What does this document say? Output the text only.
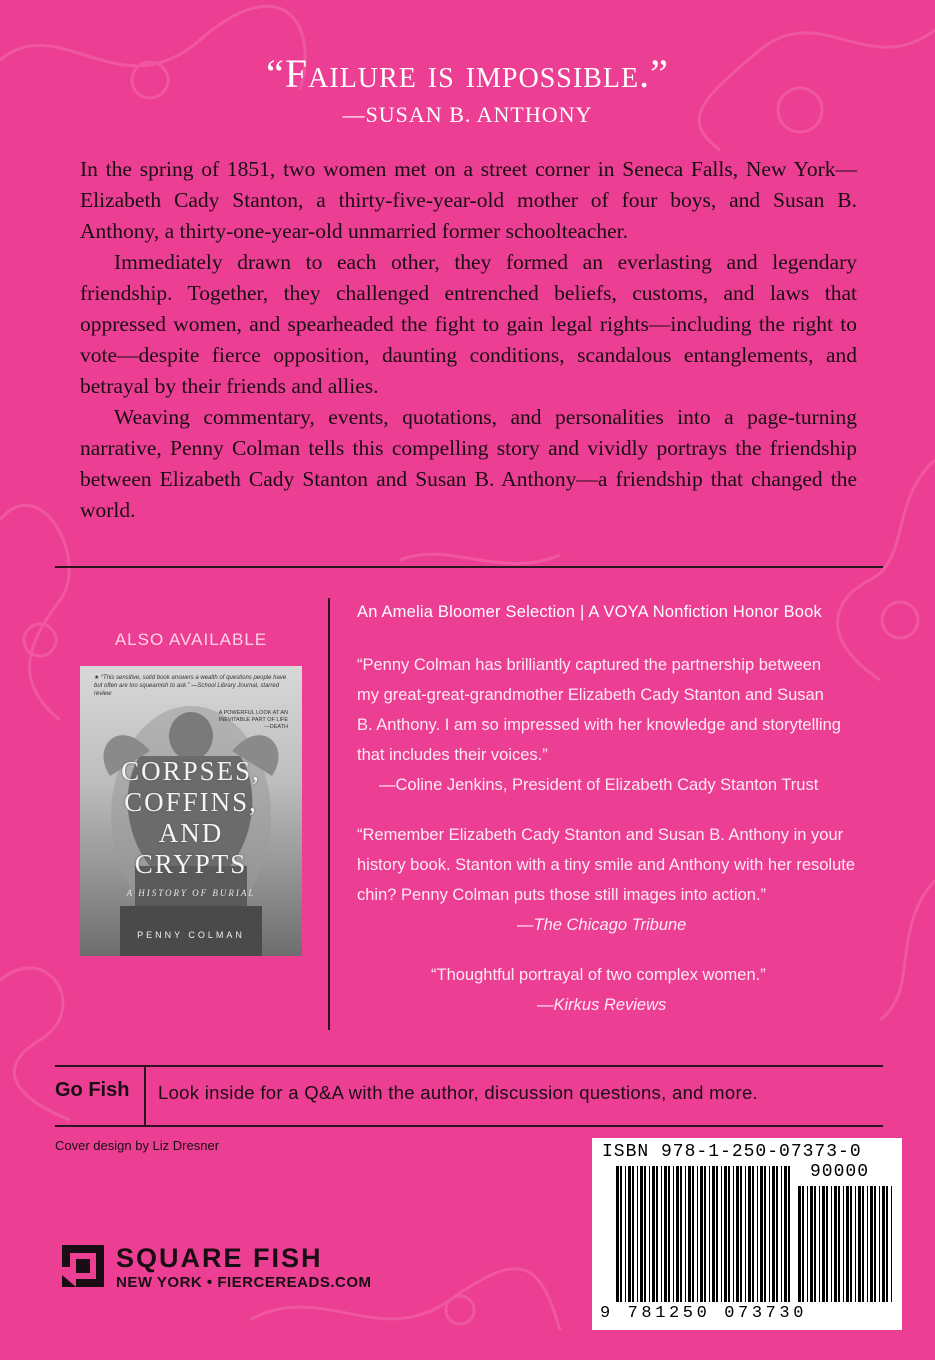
“Failure is impossible.”
—SUSAN B. ANTHONY

In the spring of 1851, two women met on a street corner in Seneca Falls, New York—Elizabeth Cady Stanton, a thirty-five-year-old mother of four boys, and Susan B. Anthony, a thirty-one-year-old unmarried former schoolteacher.

Immediately drawn to each other, they formed an everlasting and legendary friendship. Together, they challenged entrenched beliefs, customs, and laws that oppressed women, and spearheaded the fight to gain legal rights—including the right to vote—despite fierce opposition, daunting conditions, scandalous entanglements, and betrayal by their friends and allies.

Weaving commentary, events, quotations, and personalities into a page-turning narrative, Penny Colman tells this compelling story and vividly portrays the friendship between Elizabeth Cady Stanton and Susan B. Anthony—a friendship that changed the world.

ALSO AVAILABLE
★ “This sensitive, solid book answers a wealth of questions people have but often are too squeamish to ask.” —School Library Journal, starred review
A POWERFUL LOOK AT AN INEVITABLE PART OF LIFE—DEATH
CORPSES,
COFFINS,
AND
CRYPTS
A HISTORY OF BURIAL
PENNY COLMAN
An Amelia Bloomer Selection | A VOYA Nonfiction Honor Book
“Penny Colman has brilliantly captured the partnership between
my great-great-grandmother Elizabeth Cady Stanton and Susan
B. Anthony. I am so impressed with her knowledge and storytelling
that includes their voices.”
—Coline Jenkins, President of Elizabeth Cady Stanton Trust
“Remember Elizabeth Cady Stanton and Susan B. Anthony in your
history book. Stanton with a tiny smile and Anthony with her resolute
chin? Penny Colman puts those still images into action.”
—The Chicago Tribune
“Thoughtful portrayal of two complex women.”
—Kirkus Reviews
Go Fish Look inside for a Q&A with the author, discussion questions, and more.
Cover design by Liz Dresner
SQUARE FISH
NEW YORK • FIERCEREADS.COM
ISBN 978-1-250-07373-0
90000
9 781250 073730
